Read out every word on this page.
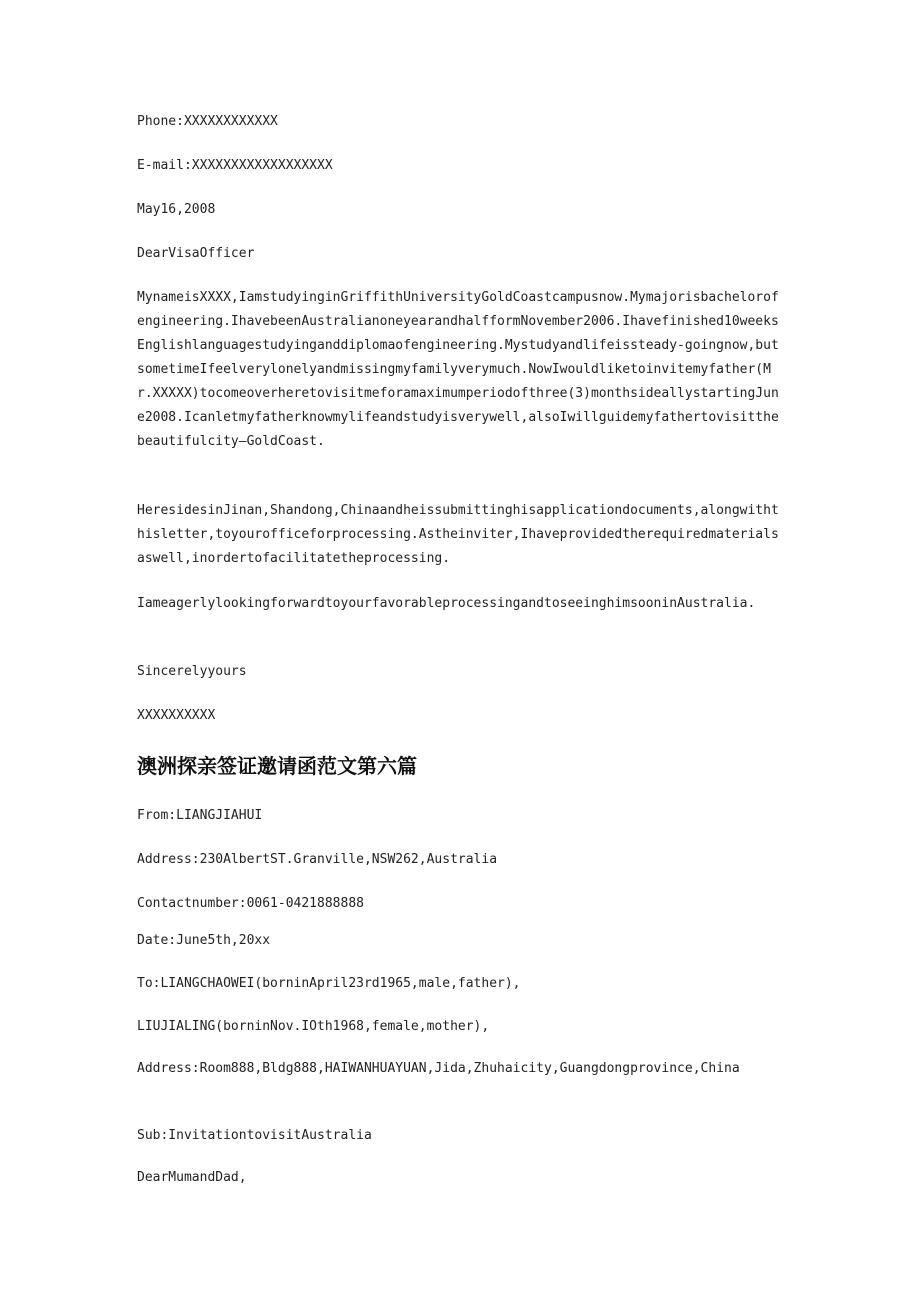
Phone:XXXXXXXXXXXX

E-mail:XXXXXXXXXXXXXXXXXX

May16,2008

DearVisaOfficer

MynameisXXXX,IamstudyinginGriffithUniversityGoldCoastcampusnow.Mymajorisbachelorofengineering.IhavebeenAustralianoneyearandhalfformNovember2006.Ihavefinished10weeksEnglishlanguagestudyinganddiplomaofengineering.Mystudyandlifeissteady-goingnow,butsometimeIfeelverylonelyandmissingmyfamilyverymuch.NowIwouldliketoinvitemyfather(Mr.XXXXX)tocomeoverheretovisitmeforamaximumperiodofthree(3)monthsideallystartingJune2008.Icanletmyfatherknowmylifeandstudyisverywell,alsoIwillguidemyfathertovisitthebeautifulcity—GoldCoast.

HeresidesinJinan,Shandong,Chinaandheissubmittinghisapplicationdocuments,alongwiththisletter,toyourofficeforprocessing.Astheinviter,Ihaveprovidedtherequiredmaterialsaswell,inordertofacilitatetheprocessing.

IameagerlylookingforwardtoyourfavorableprocessingandtoseeinghimsooninAustralia.

Sincerelyyours

XXXXXXXXXX

澳洲探亲签证邀请函范文第六篇

From:LIANGJIAHUI

Address:230AlbertST.Granville,NSW262,Australia

Contactnumber:0061-0421888888

Date:June5th,20xx

To:LIANGCHAOWEI(borninApril23rd1965,male,father),

LIUJIALING(borninNov.IOth1968,female,mother),

Address:Room888,Bldg888,HAIWANHUAYUAN,Jida,Zhuhaicity,Guangdongprovince,China

Sub:InvitationtovisitAustralia

DearMumandDad,
